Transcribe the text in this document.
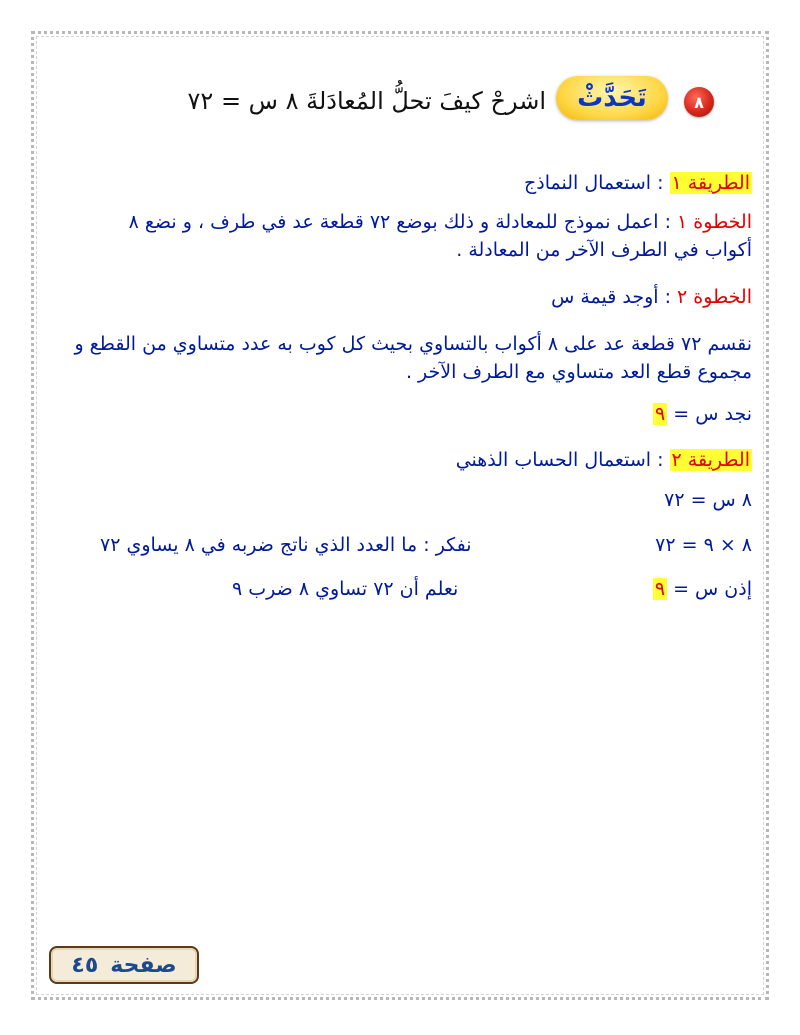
٨
تَحَدَّثْ
اشرحْ كيفَ تحلُّ المُعادَلةَ ٨ س = ٧٢
الطريقة ١ : استعمال النماذج
الخطوة ١ : اعمل نموذج للمعادلة و ذلك بوضع ٧٢ قطعة عد في طرف ، و نضع ٨
أكواب في الطرف الآخر من المعادلة .
الخطوة ٢ : أوجد قيمة س
نقسم ٧٢ قطعة عد على ٨ أكواب بالتساوي بحيث كل كوب به عدد متساوي من القطع و
مجموع قطع العد متساوي مع الطرف الآخر .
نجد س = ٩
الطريقة ٢ : استعمال الحساب الذهني
٨ س = ٧٢
٨ × ٩ = ٧٢
نفكر : ما العدد الذي ناتج ضربه في ٨ يساوي ٧٢
إذن س = ٩
نعلم أن ٧٢ تساوي ٨ ضرب ٩
صفحة
٤٥
